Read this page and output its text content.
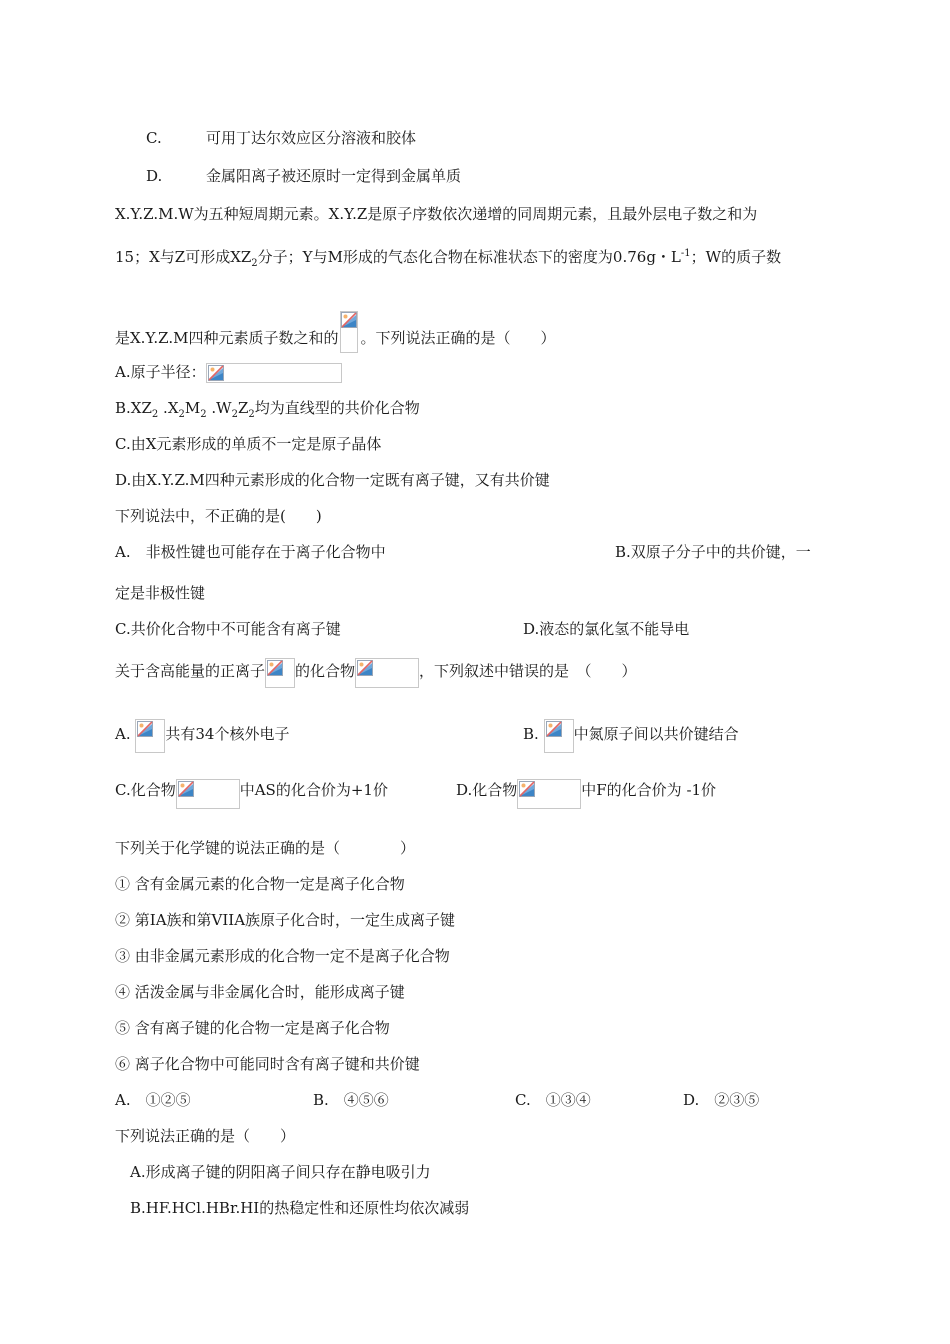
C.	可用丁达尔效应区分溶液和胶体
D.	金属阳离子被还原时一定得到金属单质
X.Y.Z.M.W为五种短周期元素。X.Y.Z是原子序数依次递增的同周期元素，且最外层电子数之和为
15；X与Z可形成$XZ_2$分子；Y与M形成的气态化合物在标准状态下的密度为0.76g・$L^{-1}$；W的质子数
是X.Y.Z.M四种元素质子数之和的 。下列说法正确的是（　　）
A.原子半径：
$B.XZ_2$ $.X_2M_2$ $.W_2Z_2$均为直线型的共价化合物
C.由X元素形成的单质不一定是原子晶体
D.由X.Y.Z.M四种元素形成的化合物一定既有离子键，又有共价键
下列说法中，不正确的是(　　)
A.　非极性键也可能存在于离子化合物中	B.双原子分子中的共价键，一
定是非极性键
C.共价化合物中不可能含有离子键	D.液态的氯化氢不能导电
关于含高能量的正离子 的化合物	，下列叙述中错误的是　（　　）
A. 共有34个核外电子	B. 中氮原子间以共价键结合
C.化合物	中AS的化合价为+1价	D.化合物	中F的化合价为 -1价
下列关于化学键的说法正确的是（　　　　）
① 含有金属元素的化合物一定是离子化合物
② 第IA族和第VIIA族原子化合时，一定生成离子键
③ 由非金属元素形成的化合物一定不是离子化合物
④ 活泼金属与非金属化合时，能形成离子键
⑤ 含有离子键的化合物一定是离子化合物
⑥ 离子化合物中可能同时含有离子键和共价键
A.　①②⑤	B.　④⑤⑥	C.　①③④	D.　②③⑤
下列说法正确的是（　　）
A.形成离子键的阴阳离子间只存在静电吸引力
B.HF.HCl.HBr.HI的热稳定性和还原性均依次减弱
